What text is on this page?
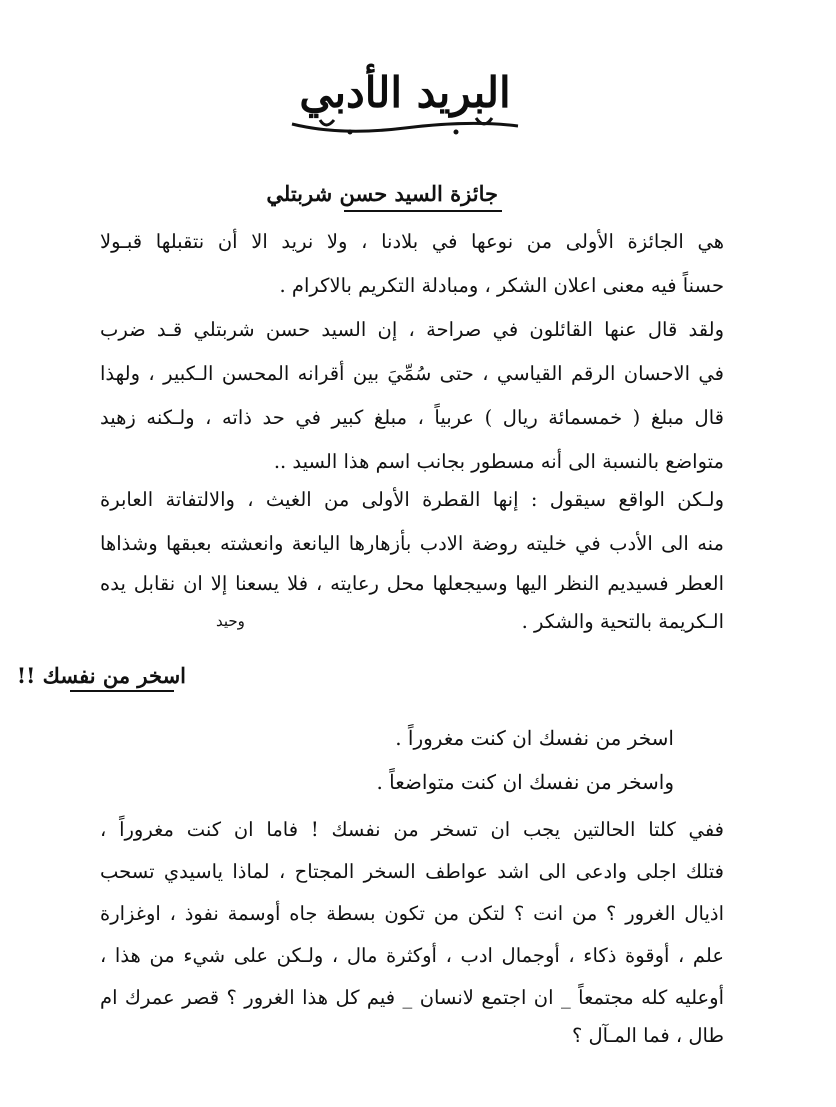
البريد الأدبي
جائزة السيد حسن شربتلي
هي الجائزة الأولى من نوعها في بلادنا ، ولا نريد الا أن نتقبلها قبـولا
حسناً فيه معنى اعلان الشكر ، ومبادلة التكريم بالاكرام .
ولقد قال عنها القائلون في صراحة ، إن السيد حسن شربتلي قـد ضرب
في الاحسان الرقم القياسي ، حتى سُمِّيَ بين أقرانه المحسن الـكبير ، ولهذا
قال مبلغ ( خمسمائة ريال ) عربياً ، مبلغ كبير في حد ذاته ، ولـكنه زهيد
متواضع بالنسبة الى أنه مسطور بجانب اسم هذا السيد ..
ولـكن الواقع سيقول : إنها القطرة الأولى من الغيث ، والالتفاتة العابرة
منه الى الأدب في خليته روضة الادب بأزهارها اليانعة وانعشته بعبقها وشذاها
العطر فسيديم النظر اليها وسيجعلها محل رعايته ، فلا يسعنا إلا ان نقابل يده
الـكريمة بالتحية والشكر .
وحيد
اسخر من نفسك !!
اسخر من نفسك ان كنت مغروراً .
واسخر من نفسك ان كنت متواضعاً .
ففي كلتا الحالتين يجب ان تسخر من نفسك ! فاما ان كنت مغروراً ،
فتلك اجلى وادعى الى اشد عواطف السخر المجتاح ، لماذا ياسيدي تسحب
اذيال الغرور ؟ من انت ؟ لتكن من تكون بسطة جاه أوسمة نفوذ ، اوغزارة
علم ، أوقوة ذكاء ، أوجمال ادب ، أوكثرة مال ، ولـكن على شيء من هذا ،
أوعليه كله مجتمعاً _ ان اجتمع لانسان _ فيم كل هذا الغرور ؟ قصر عمرك ام
طال ، فما المـآل ؟
